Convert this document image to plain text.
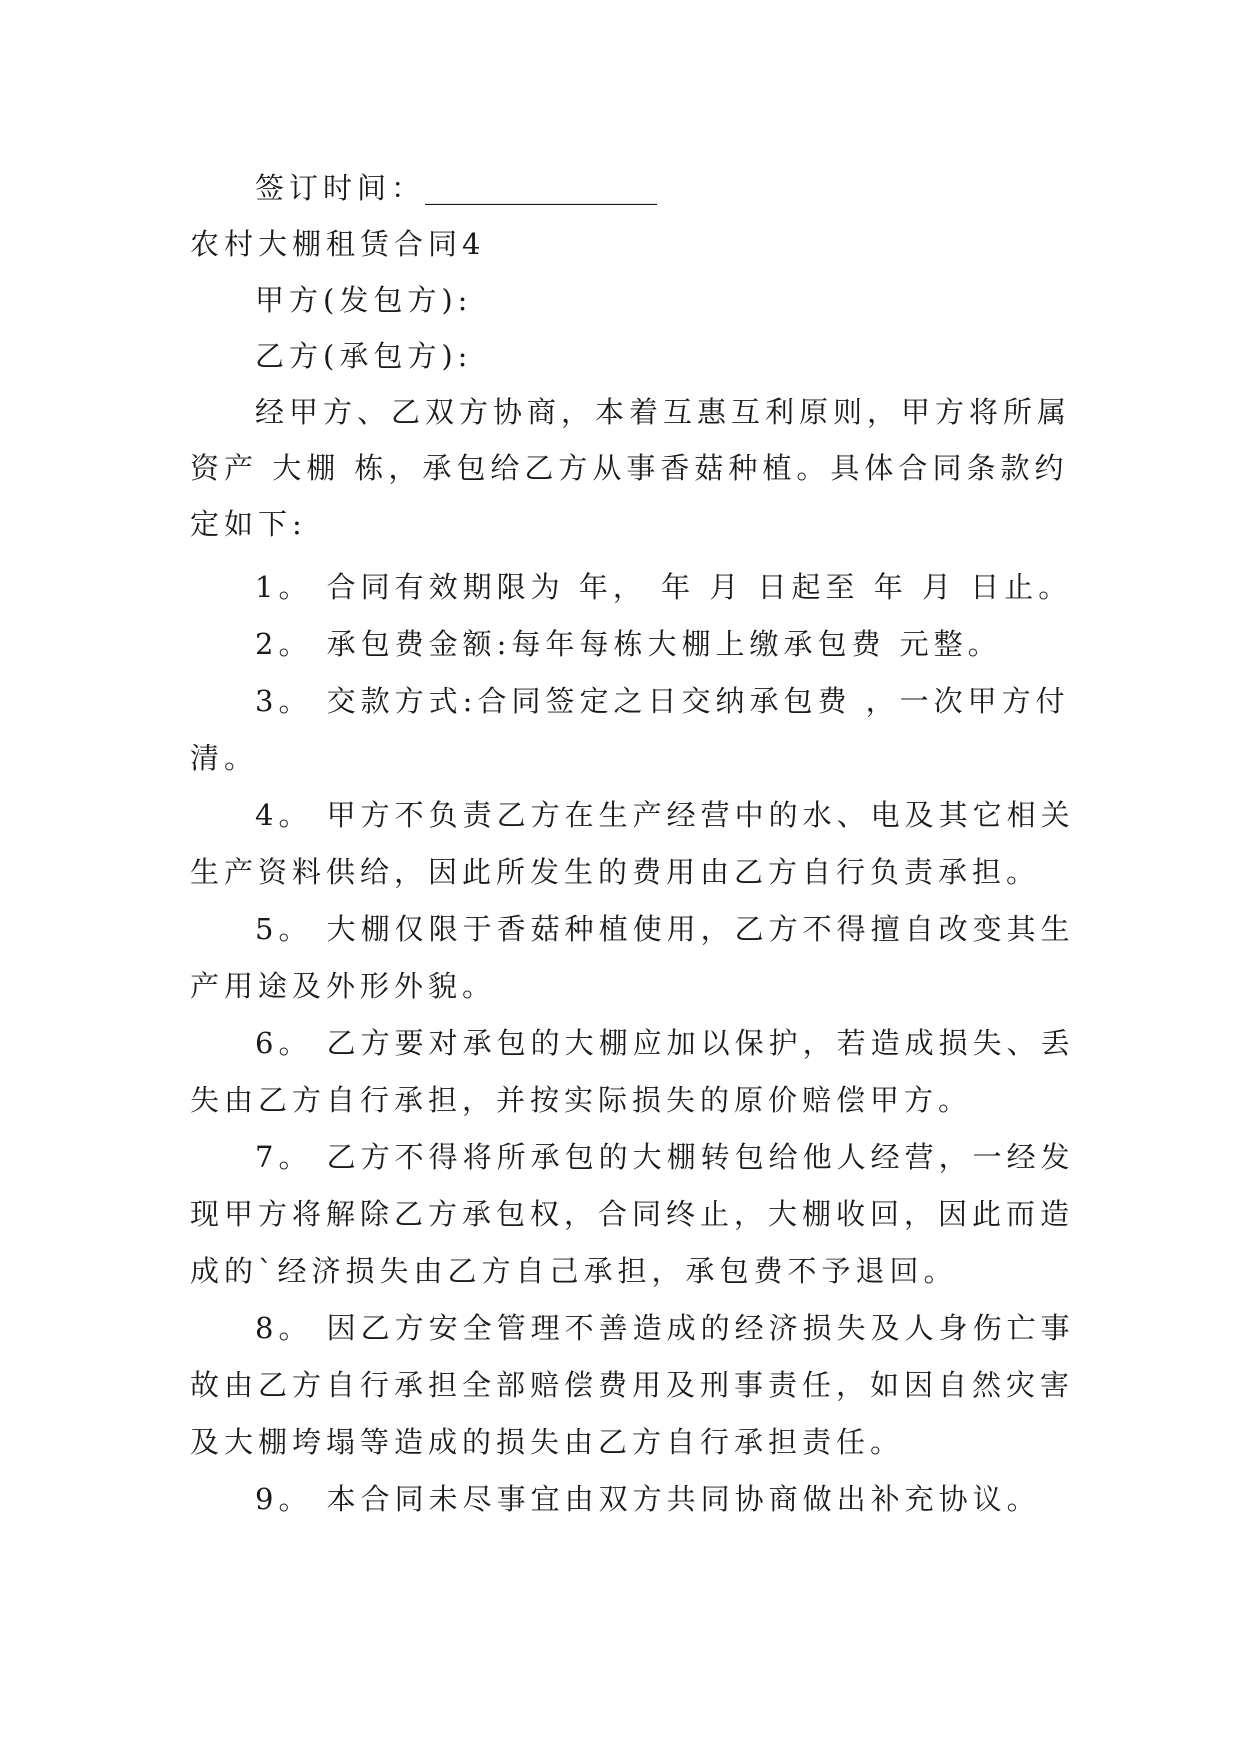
签订时间：________________
农村大棚租赁合同4
甲方(发包方):
乙方(承包方):
经甲方、乙双方协商，本着互惠互利原则，甲方将所属
资产 大棚 栋，承包给乙方从事香菇种植。具体合同条款约
定如下:
1。 合同有效期限为 年， 年 月 日起至 年 月 日止。
2。 承包费金额:每年每栋大棚上缴承包费 元整。
3。 交款方式:合同签定之日交纳承包费 ，一次甲方付
清。
4。 甲方不负责乙方在生产经营中的水、电及其它相关
生产资料供给，因此所发生的费用由乙方自行负责承担。
5。 大棚仅限于香菇种植使用，乙方不得擅自改变其生
产用途及外形外貌。
6。 乙方要对承包的大棚应加以保护，若造成损失、丢
失由乙方自行承担，并按实际损失的原价赔偿甲方。
7。 乙方不得将所承包的大棚转包给他人经营，一经发
现甲方将解除乙方承包权，合同终止，大棚收回，因此而造
成的`经济损失由乙方自己承担，承包费不予退回。
8。 因乙方安全管理不善造成的经济损失及人身伤亡事
故由乙方自行承担全部赔偿费用及刑事责任，如因自然灾害
及大棚垮塌等造成的损失由乙方自行承担责任。
9。 本合同未尽事宜由双方共同协商做出补充协议。
